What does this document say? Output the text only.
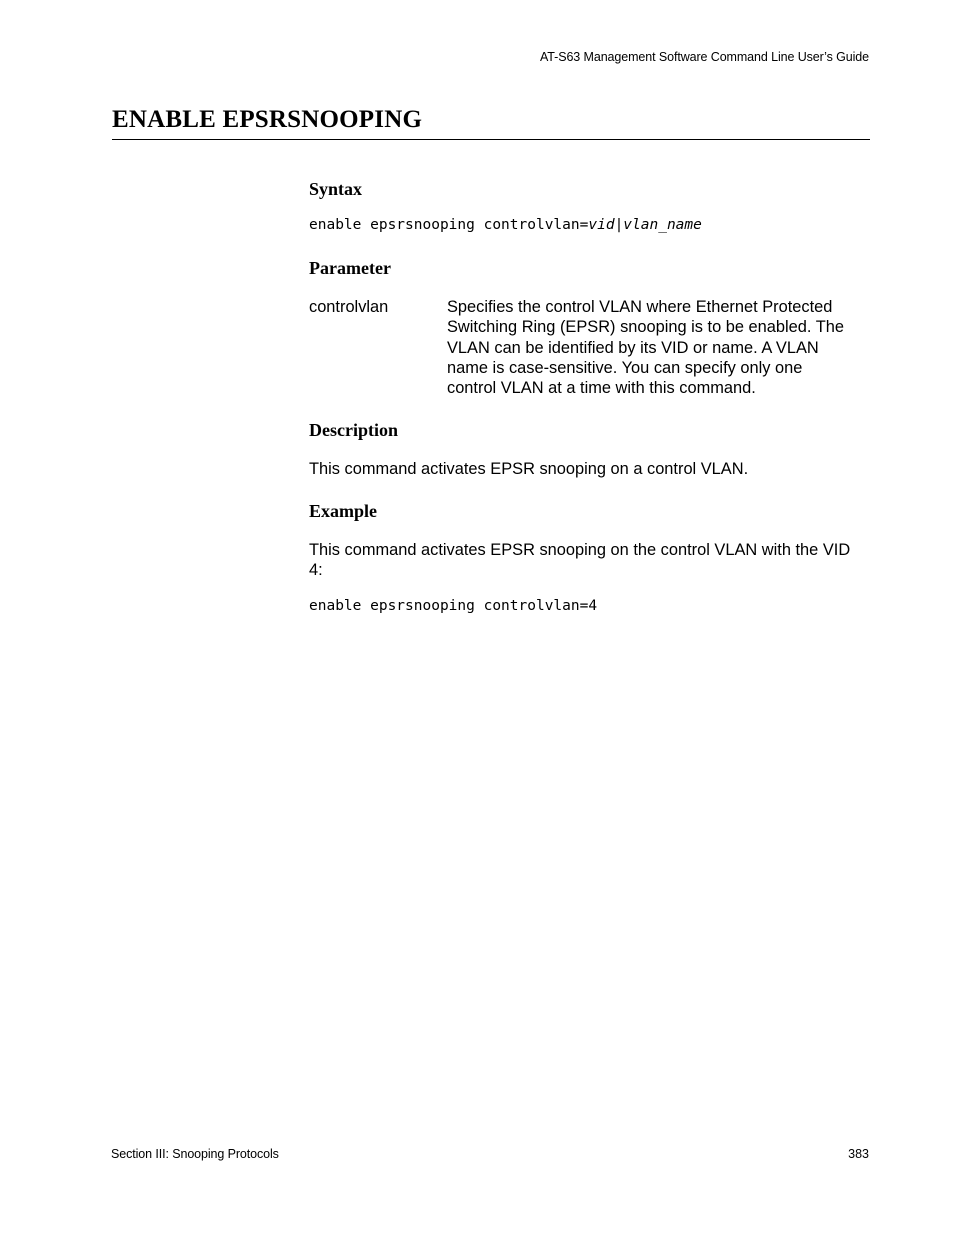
AT-S63 Management Software Command Line User’s Guide
ENABLE EPSRSNOOPING
Syntax
enable epsrsnooping controlvlan=vid|vlan_name
Parameter
controlvlan	Specifies the control VLAN where Ethernet Protected
Switching Ring (EPSR) snooping is to be enabled. The
VLAN can be identified by its VID or name. A VLAN
name is case-sensitive. You can specify only one
control VLAN at a time with this command.
Description
This command activates EPSR snooping on a control VLAN.
Example
This command activates EPSR snooping on the control VLAN with the VID
4:
enable epsrsnooping controlvlan=4
Section III: Snooping Protocols	383
